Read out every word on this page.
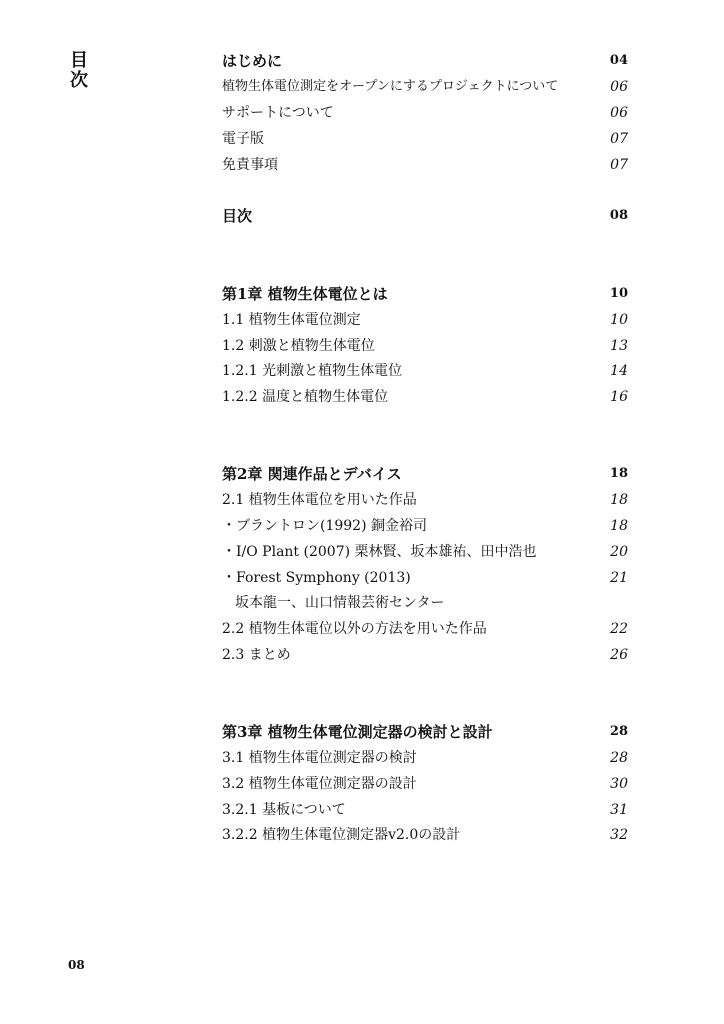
目次	はじめに	04
植物生体電位測定をオープンにするプロジェクトについて	06
サポートについて	06
電子版	07
免責事項	07
目次	08
第1章 植物生体電位とは	10
1.1 植物生体電位測定	10
1.2 刺激と植物生体電位	13
1.2.1 光刺激と植物生体電位	14
1.2.2 温度と植物生体電位	16
第2章 関連作品とデバイス	18
2.1 植物生体電位を用いた作品	18
・ブラントロン(1992) 銅金裕司	18
・I/O Plant (2007) 栗林賢、坂本雄祐、田中浩也	20
・Forest Symphony (2013)	21
坂本龍一、山口情報芸術センター
2.2 植物生体電位以外の方法を用いた作品	22
2.3 まとめ	26
第3章 植物生体電位測定器の検討と設計	28
3.1 植物生体電位測定器の検討	28
3.2 植物生体電位測定器の設計	30
3.2.1 基板について	31
3.2.2 植物生体電位測定器v2.0の設計	32
08
